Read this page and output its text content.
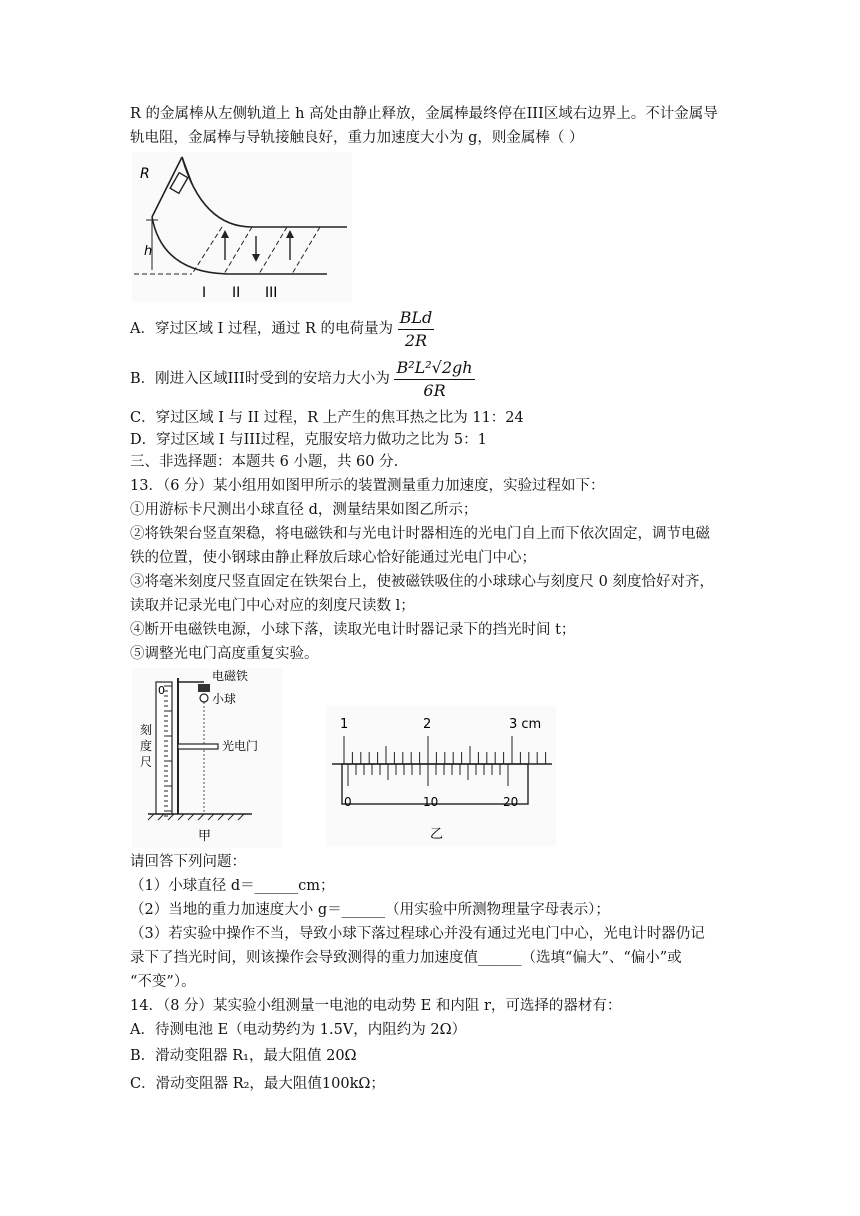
R 的金属棒从左侧轨道上 h 高处由静止释放，金属棒最终停在III区域右边界上。不计金属导
轨电阻，金属棒与导轨接触良好，重力加速度大小为 g，则金属棒（ ）
R
h
I II III
A．穿过区域 I 过程，通过 R 的电荷量为 $\frac{\text{BLd}}{2R}$
B．刚进入区域III时受到的安培力大小为 $\frac{\text{B²L²√2gh}}{6R}$
C．穿过区域 I 与 II 过程，R 上产生的焦耳热之比为 11：24
D．穿过区域 I 与III过程，克服安培力做功之比为 5：1
三、非选择题：本题共 6 小题，共 60 分.
13．（6 分）某小组用如图甲所示的装置测量重力加速度，实验过程如下：
①用游标卡尺测出小球直径 d，测量结果如图乙所示；
②将铁架台竖直架稳，将电磁铁和与光电计时器相连的光电门自上而下依次固定，调节电磁
铁的位置，使小钢球由静止释放后球心恰好能通过光电门中心；
③将毫米刻度尺竖直固定在铁架台上，使被磁铁吸住的小球球心与刻度尺 0 刻度恰好对齐，
读取并记录光电门中心对应的刻度尺读数 l；
④断开电磁铁电源，小球下落，读取光电计时器记录下的挡光时间 t；
⑤调整光电门高度重复实验。
0
电磁铁
小球
光电门
刻
度
尺
甲
1	2	3 cm
0	10	20
乙
请回答下列问题：
（1）小球直径 d＝______cm；
（2）当地的重力加速度大小 g＝______（用实验中所测物理量字母表示）；
（3）若实验中操作不当，导致小球下落过程球心并没有通过光电门中心，光电计时器仍记
录下了挡光时间，则该操作会导致测得的重力加速度值______（选填“偏大”、“偏小”或
“不变”）。
14．（8 分）某实验小组测量一电池的电动势 E 和内阻 r，可选择的器材有：
A．待测电池 E（电动势约为 1.5V，内阻约为 2Ω）
B．滑动变阻器 R₁，最大阻值 20Ω
C．滑动变阻器 R₂，最大阻值100kΩ；
